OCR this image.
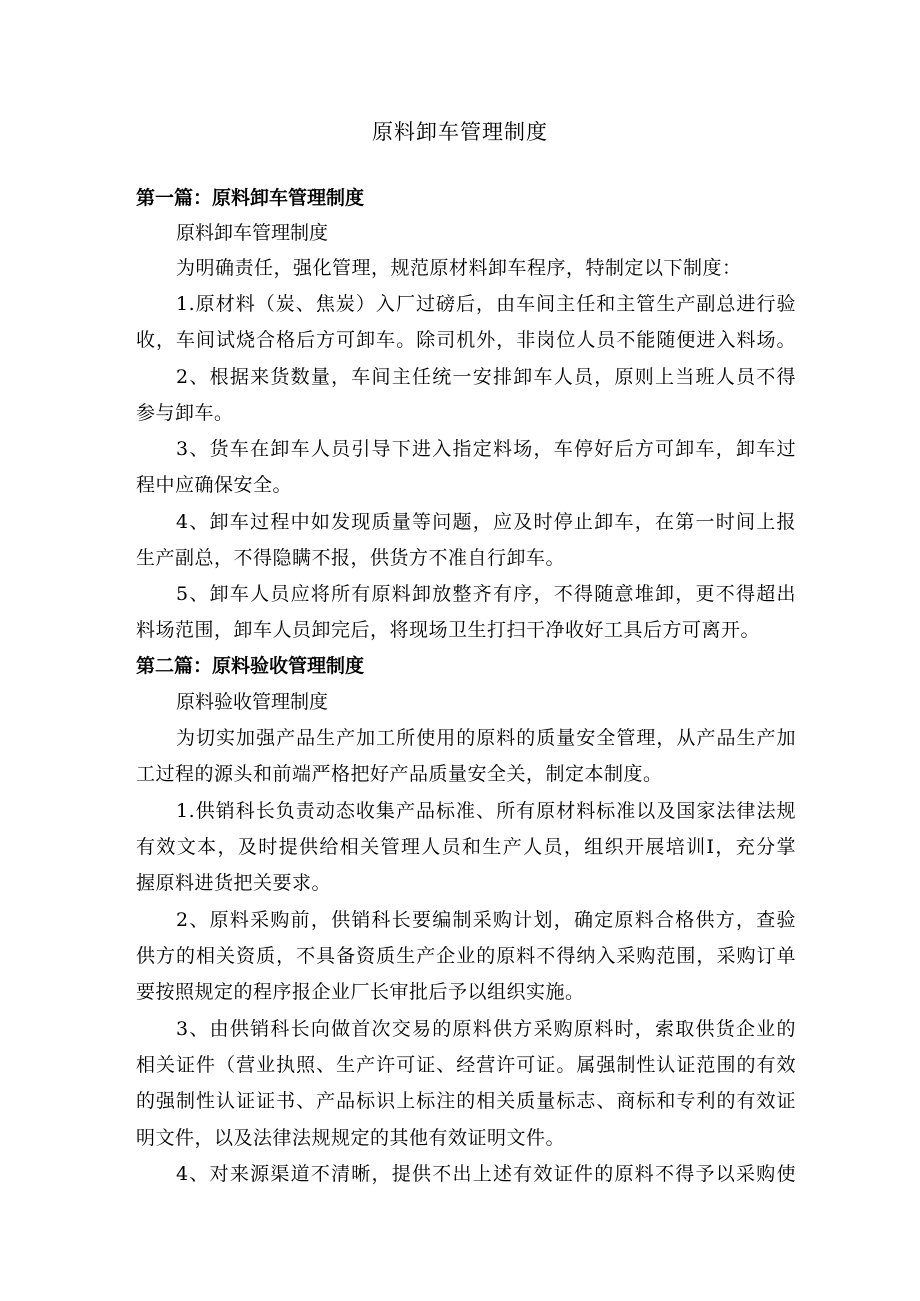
原料卸车管理制度
第一篇：原料卸车管理制度
原料卸车管理制度
为明确责任，强化管理，规范原材料卸车程序，特制定以下制度：
1.原材料（炭、焦炭）入厂过磅后，由车间主任和主管生产副总进行验
收，车间试烧合格后方可卸车。除司机外，非岗位人员不能随便进入料场。
2、根据来货数量，车间主任统一安排卸车人员，原则上当班人员不得
参与卸车。
3、货车在卸车人员引导下进入指定料场，车停好后方可卸车，卸车过
程中应确保安全。
4、卸车过程中如发现质量等问题，应及时停止卸车，在第一时间上报
生产副总，不得隐瞒不报，供货方不准自行卸车。
5、卸车人员应将所有原料卸放整齐有序，不得随意堆卸，更不得超出
料场范围，卸车人员卸完后，将现场卫生打扫干净收好工具后方可离开。
第二篇：原料验收管理制度
原料验收管理制度
为切实加强产品生产加工所使用的原料的质量安全管理，从产品生产加
工过程的源头和前端严格把好产品质量安全关，制定本制度。
1.供销科长负责动态收集产品标准、所有原材料标准以及国家法律法规
有效文本，及时提供给相关管理人员和生产人员，组织开展培训I，充分掌
握原料进货把关要求。
2、原料采购前，供销科长要编制采购计划，确定原料合格供方，查验
供方的相关资质，不具备资质生产企业的原料不得纳入采购范围，采购订单
要按照规定的程序报企业厂长审批后予以组织实施。
3、由供销科长向做首次交易的原料供方采购原料时，索取供货企业的
相关证件（营业执照、生产许可证、经营许可证。属强制性认证范围的有效
的强制性认证证书、产品标识上标注的相关质量标志、商标和专利的有效证
明文件，以及法律法规规定的其他有效证明文件。
4、对来源渠道不清晰，提供不出上述有效证件的原料不得予以采购使
